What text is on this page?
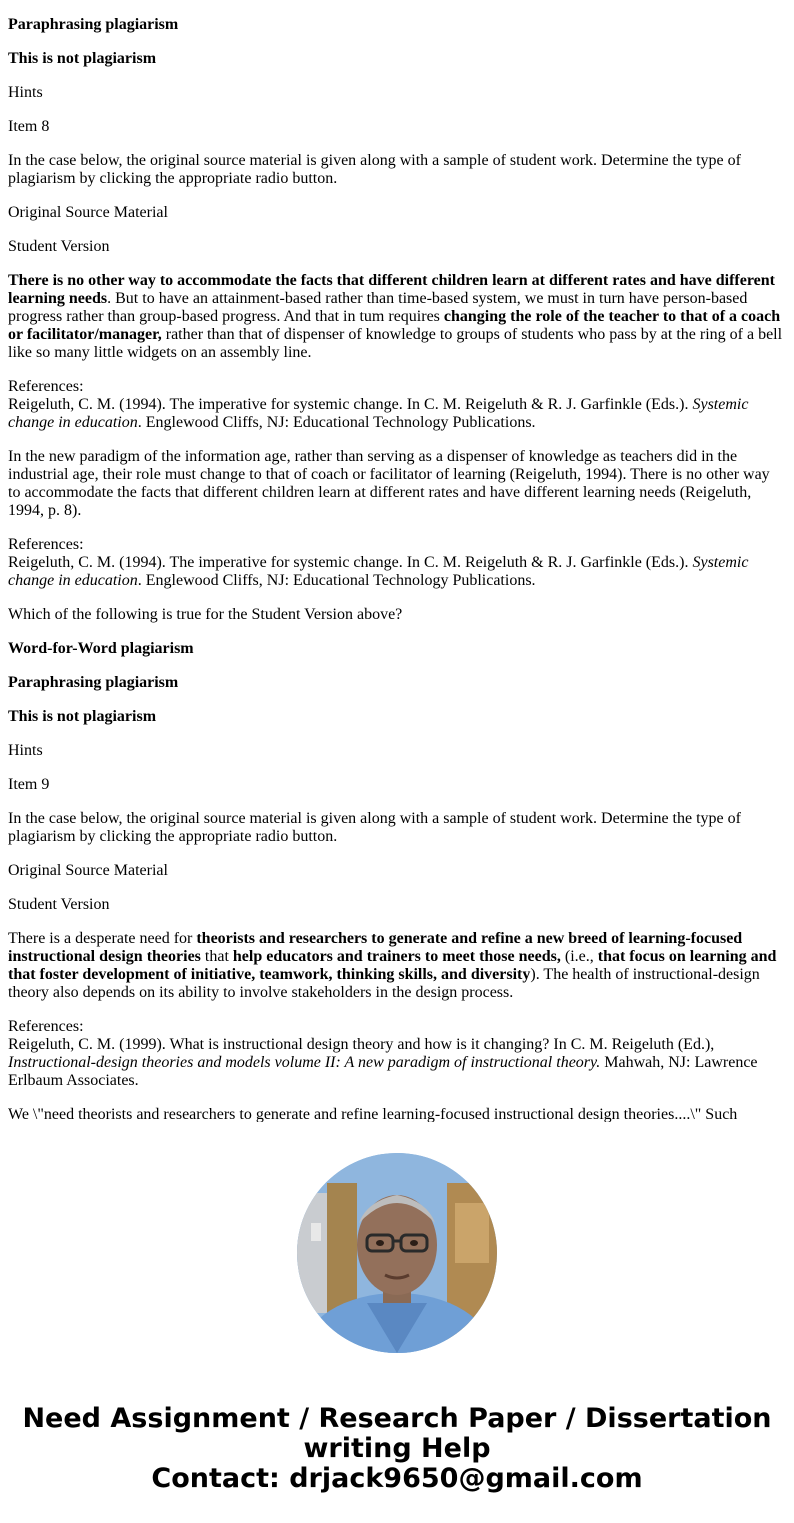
Paraphrasing plagiarism

This is not plagiarism

Hints

Item 8

In the case below, the original source material is given along with a sample of student work. Determine the type of plagiarism by clicking the appropriate radio button.

Original Source Material

Student Version

There is no other way to accommodate the facts that different children learn at different rates and have different learning needs. But to have an attainment-based rather than time-based system, we must in turn have person-based progress rather than group-based progress. And that in tum requires changing the role of the teacher to that of a coach or facilitator/manager, rather than that of dispenser of knowledge to groups of students who pass by at the ring of a bell like so many little widgets on an assembly line.

References:
Reigeluth, C. M. (1994). The imperative for systemic change. In C. M. Reigeluth & R. J. Garfinkle (Eds.). Systemic change in education. Englewood Cliffs, NJ: Educational Technology Publications.

In the new paradigm of the information age, rather than serving as a dispenser of knowledge as teachers did in the industrial age, their role must change to that of coach or facilitator of learning (Reigeluth, 1994). There is no other way to accommodate the facts that different children learn at different rates and have different learning needs (Reigeluth, 1994, p. 8).

References:
Reigeluth, C. M. (1994). The imperative for systemic change. In C. M. Reigeluth & R. J. Garfinkle (Eds.). Systemic change in education. Englewood Cliffs, NJ: Educational Technology Publications.

Which of the following is true for the Student Version above?

Word-for-Word plagiarism

Paraphrasing plagiarism

This is not plagiarism

Hints

Item 9

In the case below, the original source material is given along with a sample of student work. Determine the type of plagiarism by clicking the appropriate radio button.

Original Source Material

Student Version

There is a desperate need for theorists and researchers to generate and refine a new breed of learning-focused instructional design theories that help educators and trainers to meet those needs, (i.e., that focus on learning and that foster development of initiative, teamwork, thinking skills, and diversity). The health of instructional-design theory also depends on its ability to involve stakeholders in the design process.

References:
Reigeluth, C. M. (1999). What is instructional design theory and how is it changing? In C. M. Reigeluth (Ed.), Instructional-design theories and models volume II: A new paradigm of instructional theory. Mahwah, NJ: Lawrence Erlbaum Associates.

We \"need theorists and researchers to generate and refine learning-focused instructional design theories....\" Such

Need Assignment / Research Paper / Dissertation
writing Help
Contact: drjack9650@gmail.com
